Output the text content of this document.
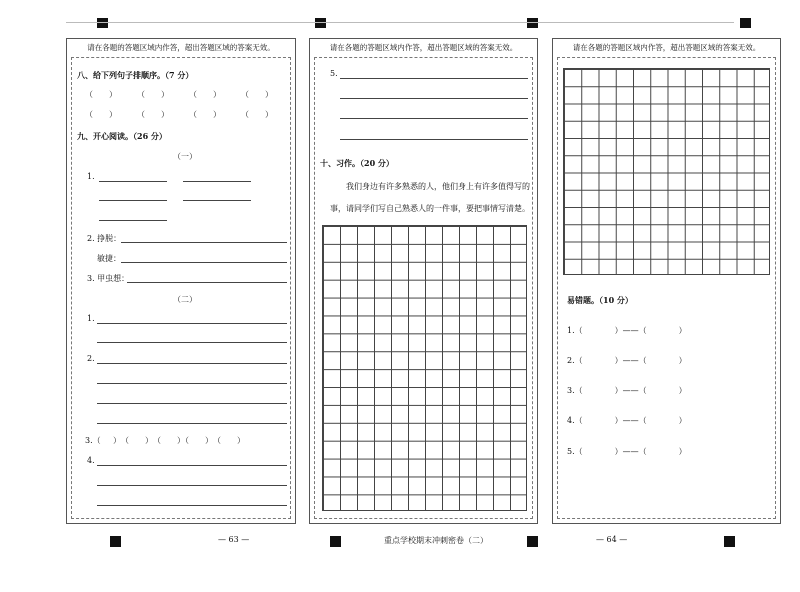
请在各题的答题区域内作答，超出答题区域的答案无效。
八、给下列句子排顺序。（7 分）
（　　）	（　　）	（　　）	（　　）
（　　）	（　　）	（　　）	（　　）
九、开心阅读。（26 分）
（一）
1.
2. 挣脱：
敏捷：
3. 甲虫想：
（二）
1.
2.
3.（ ）　（　　）　（　　）（　　）　（　　）
4.
请在各题的答题区域内作答，超出答题区域的答案无效。
5.
十、习作。（20 分）
我们身边有许多熟悉的人，他们身上有许多值得写的
事，请同学们写自己熟悉人的一件事，要把事情写清楚。
请在各题的答题区域内作答，超出答题区域的答案无效。
易错题。（10 分）
1.（　　　　）——（　　　　）
2.（　　　　）——（　　　　）
3.（　　　　）——（　　　　）
4.（　　　　）——（　　　　）
5.（　　　　）——（　　　　）
— 63 —	重点学校期末冲刺密卷（二）	— 64 —
